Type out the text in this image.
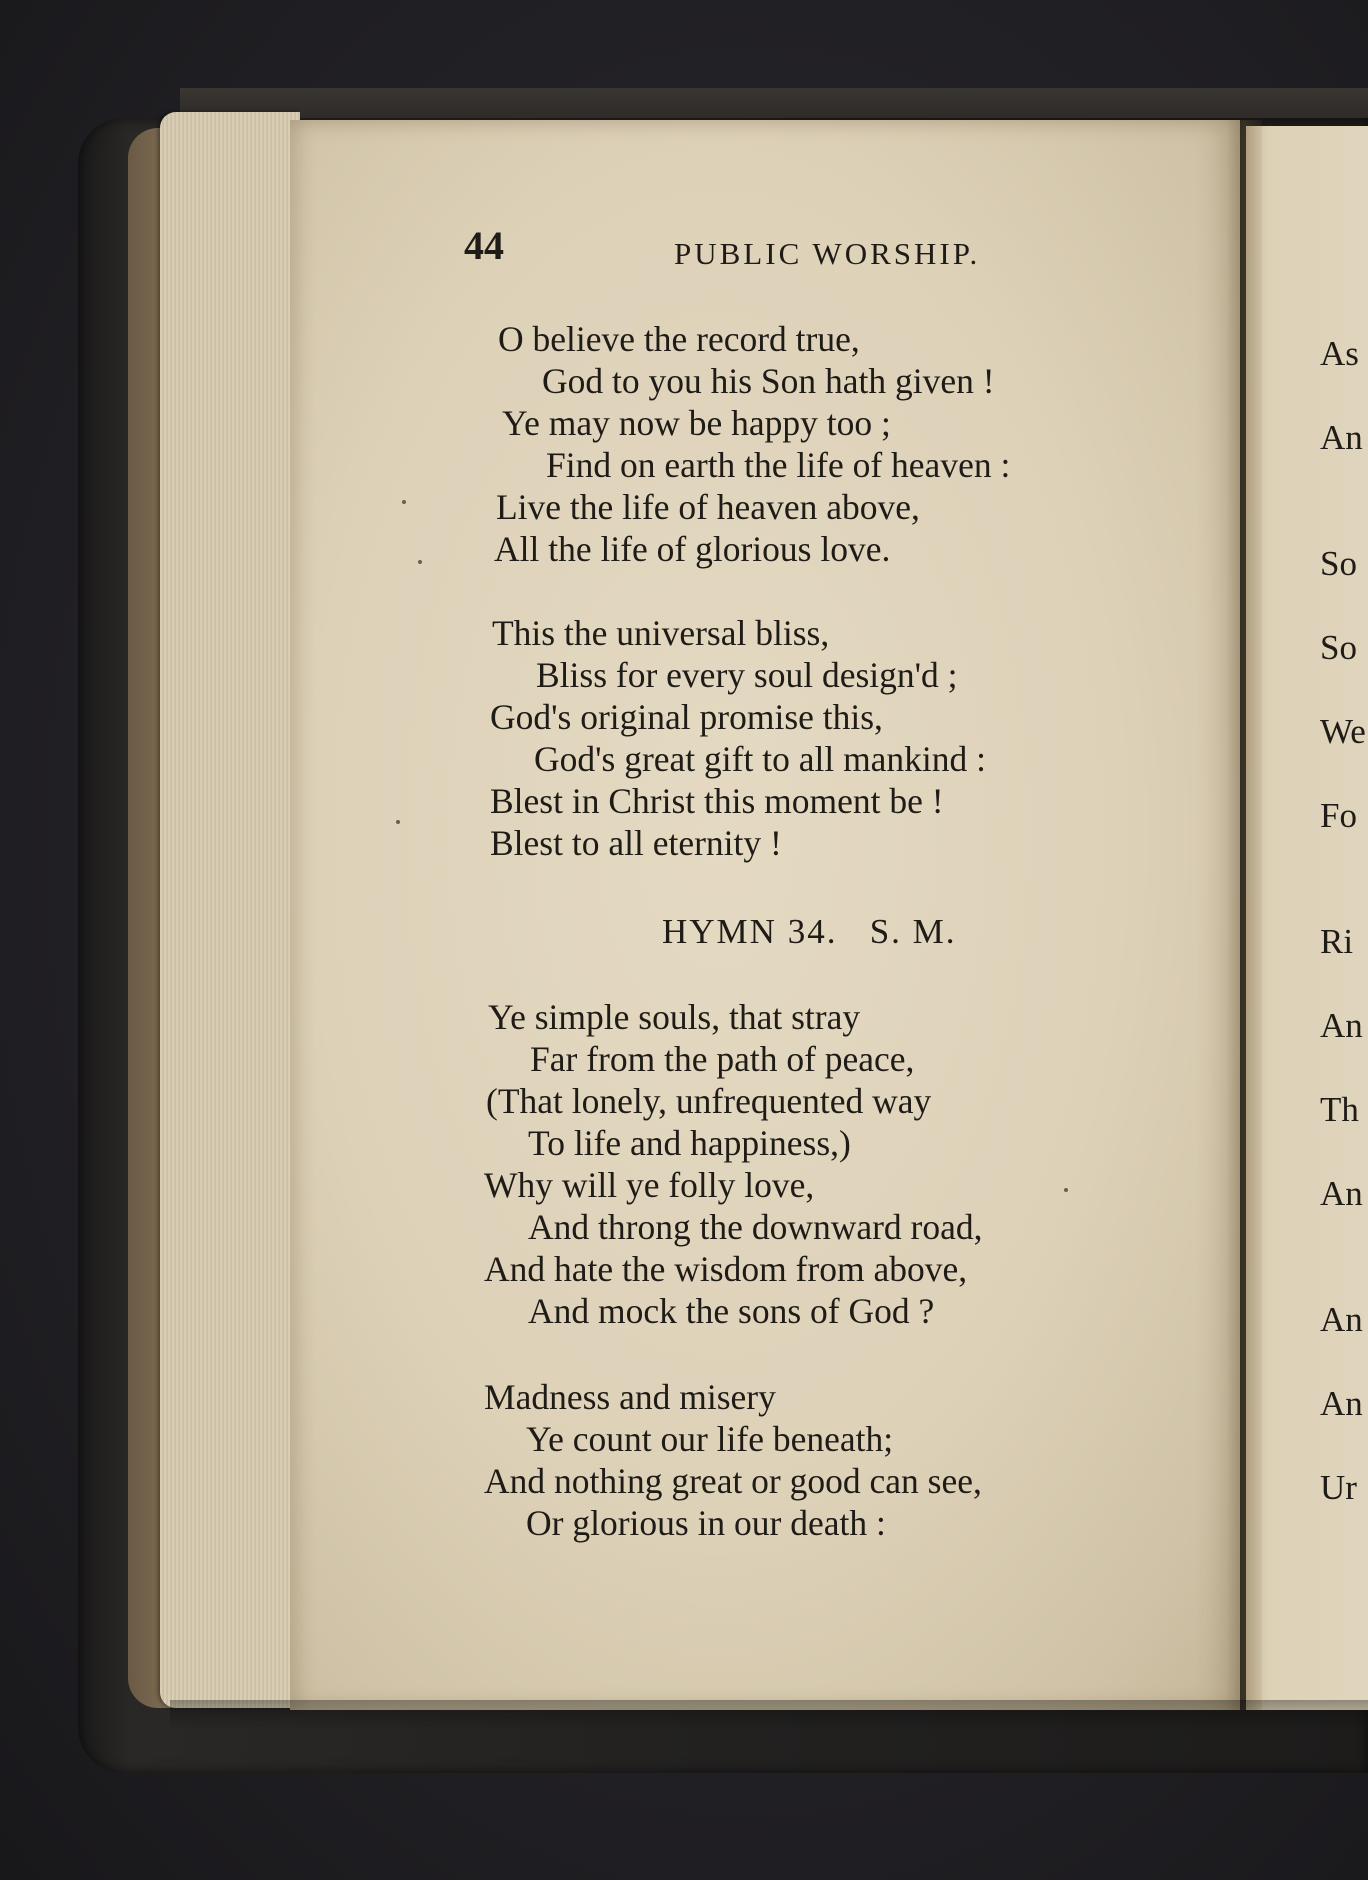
As
An
So
So
We
Fo
Ri
An
Th
An
An
An
Ur
44	PUBLIC WORSHIP.
O believe the record true,
God to you his Son hath given !
Ye may now be happy too ;
Find on earth the life of heaven :
Live the life of heaven above,
All the life of glorious love.
This the universal bliss,
Bliss for every soul design'd ;
God's original promise this,
God's great gift to all mankind :
Blest in Christ this moment be !
Blest to all eternity !
HYMN 34.   S. M.
Ye simple souls, that stray
Far from the path of peace,
(That lonely, unfrequented way
To life and happiness,)
Why will ye folly love,
And throng the downward road,
And hate the wisdom from above,
And mock the sons of God ?
Madness and misery
Ye count our life beneath;
And nothing great or good can see,
Or glorious in our death :
